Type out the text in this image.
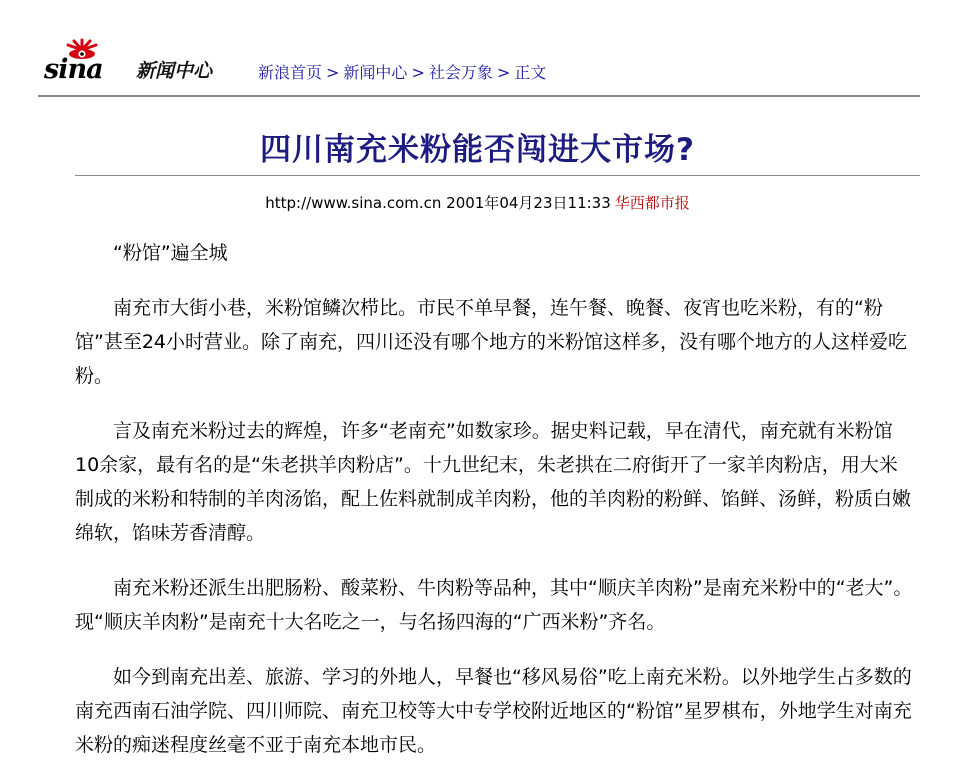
sina 新闻中心	新浪首页 > 新闻中心 > 社会万象 > 正文
四川南充米粉能否闯进大市场?
http://www.sina.com.cn 2001年04月23日11:33 华西都市报

“粉馆”遍全城

南充市大街小巷，米粉馆鳞次栉比。市民不单早餐，连午餐、晚餐、夜宵也吃米粉，有的“粉馆”甚至24小时营业。除了南充，四川还没有哪个地方的米粉馆这样多，没有哪个地方的人这样爱吃粉。

言及南充米粉过去的辉煌，许多“老南充”如数家珍。据史料记载，早在清代，南充就有米粉馆10余家，最有名的是“朱老拱羊肉粉店”。十九世纪末，朱老拱在二府街开了一家羊肉粉店，用大米制成的米粉和特制的羊肉汤馅，配上佐料就制成羊肉粉，他的羊肉粉的粉鲜、馅鲜、汤鲜，粉质白嫩绵软，馅味芳香清醇。

南充米粉还派生出肥肠粉、酸菜粉、牛肉粉等品种，其中“顺庆羊肉粉”是南充米粉中的“老大”。现“顺庆羊肉粉”是南充十大名吃之一，与名扬四海的“广西米粉”齐名。

如今到南充出差、旅游、学习的外地人，早餐也“移风易俗”吃上南充米粉。以外地学生占多数的南充西南石油学院、四川师院、南充卫校等大中专学校附近地区的“粉馆”星罗棋布，外地学生对南充米粉的痴迷程度丝毫不亚于南充本地市民。
